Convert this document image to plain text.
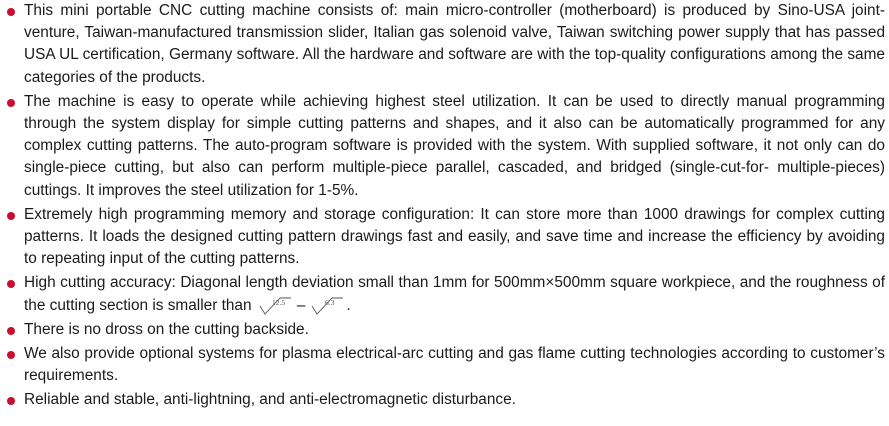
This mini portable CNC cutting machine consists of: main micro-controller (motherboard) is produced by Sino-USA joint-venture, Taiwan-manufactured transmission slider, Italian gas solenoid valve, Taiwan switching power supply that has passed USA UL certification, Germany software. All the hardware and software are with the top-quality configurations among the same categories of the products.
The machine is easy to operate while achieving highest steel utilization. It can be used to directly manual programming through the system display for simple cutting patterns and shapes, and it also can be automatically programmed for any complex cutting patterns. The auto-program software is provided with the system. With supplied software, it not only can do single-piece cutting, but also can perform multiple-piece parallel, cascaded, and bridged (single-cut-for- multiple-pieces) cuttings. It improves the steel utilization for 1-5%.
Extremely high programming memory and storage configuration: It can store more than 1000 drawings for complex cutting patterns. It loads the designed cutting pattern drawings fast and easily, and save time and increase the efficiency by avoiding to repeating input of the cutting patterns.
High cutting accuracy: Diagonal length deviation small than 1mm for 500mm×500mm square workpiece, and the roughness of the cutting section is smaller than	12.5 –	6.3 .
There is no dross on the cutting backside.
We also provide optional systems for plasma electrical-arc cutting and gas flame cutting technologies according to customer’s requirements.
Reliable and stable, anti-lightning, and anti-electromagnetic disturbance.
